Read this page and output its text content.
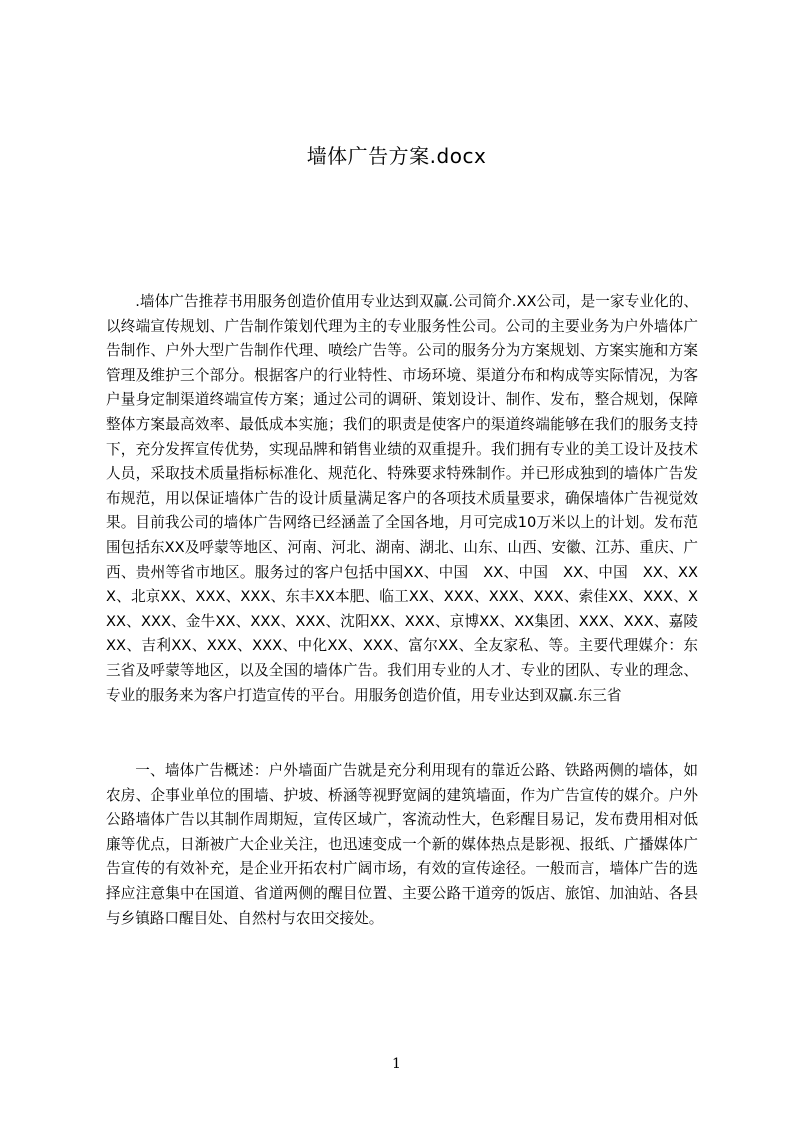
墙体广告方案.docx

.墙体广告推荐书用服务创造价值用专业达到双赢.公司简介.XX公司，是一家专业化的、以终端宣传规划、广告制作策划代理为主的专业服务性公司。公司的主要业务为户外墙体广告制作、户外大型广告制作代理、喷绘广告等。公司的服务分为方案规划、方案实施和方案管理及维护三个部分。根据客户的行业特性、市场环境、渠道分布和构成等实际情况，为客户量身定制渠道终端宣传方案；通过公司的调研、策划设计、制作、发布，整合规划，保障整体方案最高效率、最低成本实施；我们的职责是使客户的渠道终端能够在我们的服务支持下，充分发挥宣传优势，实现品牌和销售业绩的双重提升。我们拥有专业的美工设计及技术人员，采取技术质量指标标准化、规范化、特殊要求特殊制作。并已形成独到的墙体广告发布规范，用以保证墙体广告的设计质量满足客户的各项技术质量要求，确保墙体广告视觉效果。目前我公司的墙体广告网络已经涵盖了全国各地，月可完成10万米以上的计划。发布范围包括东XX及呼蒙等地区、河南、河北、湖南、湖北、山东、山西、安徽、江苏、重庆、广西、贵州等省市地区。服务过的客户包括中国XX、中国　XX、中国　XX、中国　XX、XXX、北京XX、XXX、XXX、东丰XX本肥、临工XX、XXX、XXX、XXX、索佳XX、XXX、XXX、XXX、金牛XX、XXX、XXX、沈阳XX、XXX、京博XX、XX集团、XXX、XXX、嘉陵XX、吉利XX、XXX、XXX、中化XX、XXX、富尔XX、全友家私、等。主要代理媒介：东三省及呼蒙等地区，以及全国的墙体广告。我们用专业的人才、专业的团队、专业的理念、专业的服务来为客户打造宣传的平台。用服务创造价值，用专业达到双赢.东三省

一、墙体广告概述：户外墙面广告就是充分利用现有的靠近公路、铁路两侧的墙体，如农房、企事业单位的围墙、护坡、桥涵等视野宽阔的建筑墙面，作为广告宣传的媒介。户外公路墙体广告以其制作周期短，宣传区域广，客流动性大，色彩醒目易记，发布费用相对低廉等优点，日渐被广大企业关注，也迅速变成一个新的媒体热点是影视、报纸、广播媒体广告宣传的有效补充，是企业开拓农村广阔市场，有效的宣传途径。一般而言，墙体广告的选择应注意集中在国道、省道两侧的醒目位置、主要公路干道旁的饭店、旅馆、加油站、各县与乡镇路口醒目处、自然村与农田交接处。

1
